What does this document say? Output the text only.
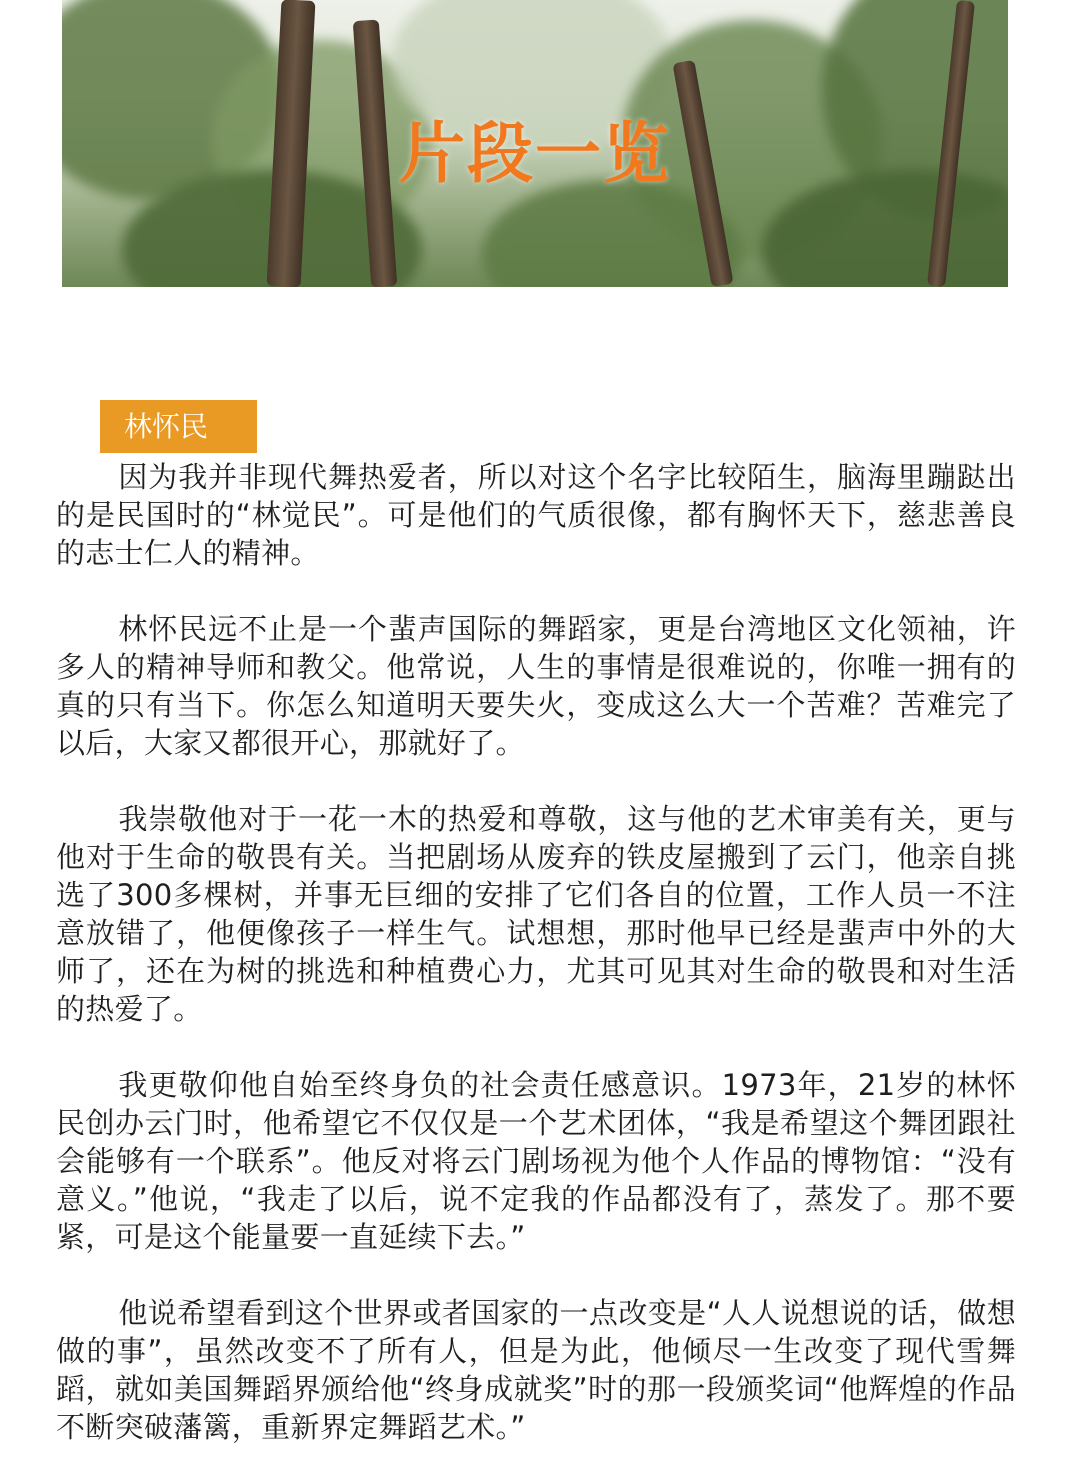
片段一览
林怀民

因为我并非现代舞热爱者，所以对这个名字比较陌生，脑海里蹦跶出的是民国时的“林觉民”。可是他们的气质很像，都有胸怀天下，慈悲善良的志士仁人的精神。

林怀民远不止是一个蜚声国际的舞蹈家，更是台湾地区文化领袖，许多人的精神导师和教父。他常说，人生的事情是很难说的，你唯一拥有的真的只有当下。你怎么知道明天要失火，变成这么大一个苦难？苦难完了以后，大家又都很开心，那就好了。

我崇敬他对于一花一木的热爱和尊敬，这与他的艺术审美有关，更与他对于生命的敬畏有关。当把剧场从废弃的铁皮屋搬到了云门，他亲自挑选了300多棵树，并事无巨细的安排了它们各自的位置，工作人员一不注意放错了，他便像孩子一样生气。试想想，那时他早已经是蜚声中外的大师了，还在为树的挑选和种植费心力，尤其可见其对生命的敬畏和对生活的热爱了。

我更敬仰他自始至终身负的社会责任感意识。1973年，21岁的林怀民创办云门时，他希望它不仅仅是一个艺术团体，“我是希望这个舞团跟社会能够有一个联系”。他反对将云门剧场视为他个人作品的博物馆：“没有意义。”他说，“我走了以后，说不定我的作品都没有了，蒸发了。那不要紧，可是这个能量要一直延续下去。”

他说希望看到这个世界或者国家的一点改变是“人人说想说的话，做想做的事”，虽然改变不了所有人，但是为此，他倾尽一生改变了现代雪舞蹈，就如美国舞蹈界颁给他“终身成就奖”时的那一段颁奖词“他辉煌的作品不断突破藩篱，重新界定舞蹈艺术。”
